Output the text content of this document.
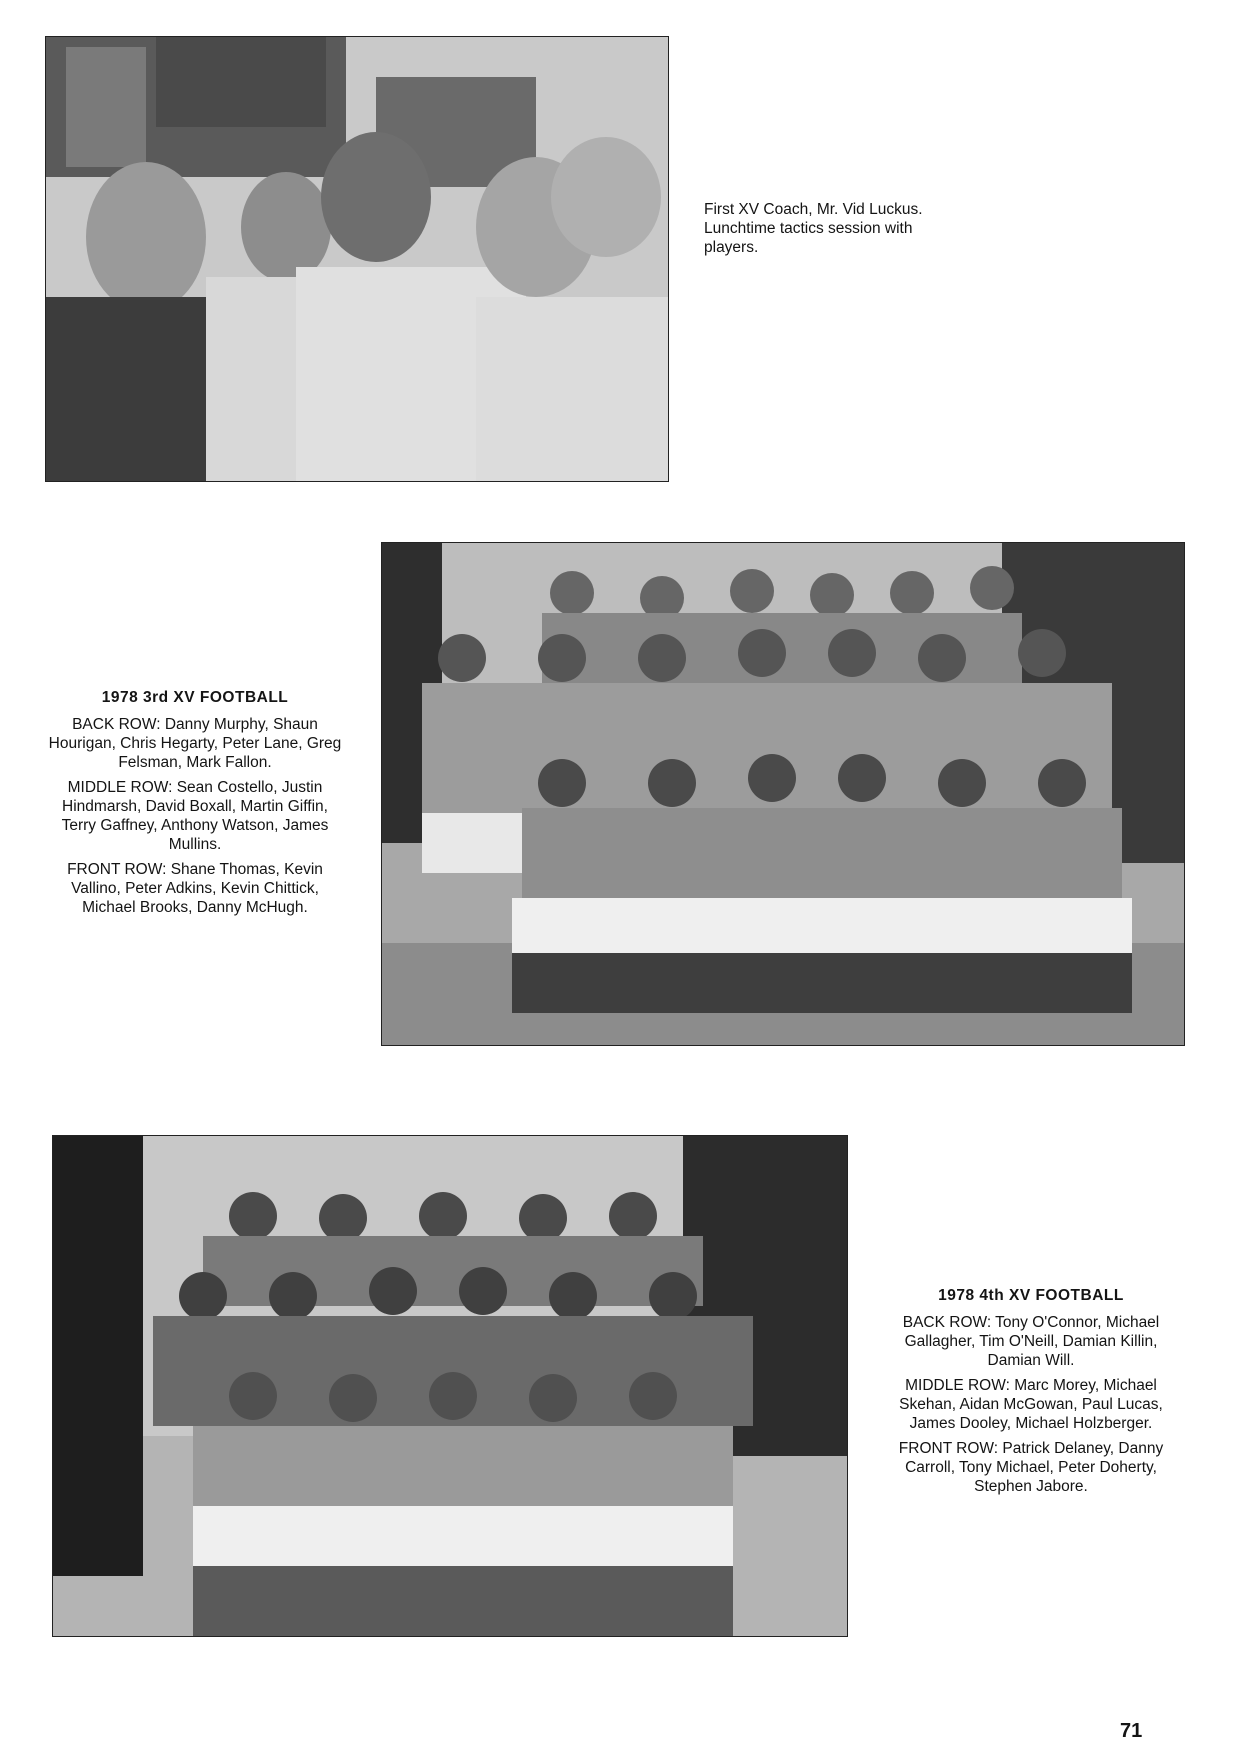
First XV Coach, Mr. Vid Luckus.
Lunchtime tactics session with
players.
1978 3rd XV FOOTBALL

BACK ROW: Danny Murphy, Shaun Hourigan, Chris Hegarty, Peter Lane, Greg Felsman, Mark Fallon.

MIDDLE ROW: Sean Costello, Justin Hindmarsh, David Boxall, Martin Giffin, Terry Gaffney, Anthony Watson, James Mullins.

FRONT ROW: Shane Thomas, Kevin Vallino, Peter Adkins, Kevin Chittick, Michael Brooks, Danny McHugh.

1978 4th XV FOOTBALL

BACK ROW: Tony O'Connor, Michael Gallagher, Tim O'Neill, Damian Killin, Damian Will.

MIDDLE ROW: Marc Morey, Michael Skehan, Aidan McGowan, Paul Lucas, James Dooley, Michael Holzberger.

FRONT ROW: Patrick Delaney, Danny Carroll, Tony Michael, Peter Doherty, Stephen Jabore.

71
